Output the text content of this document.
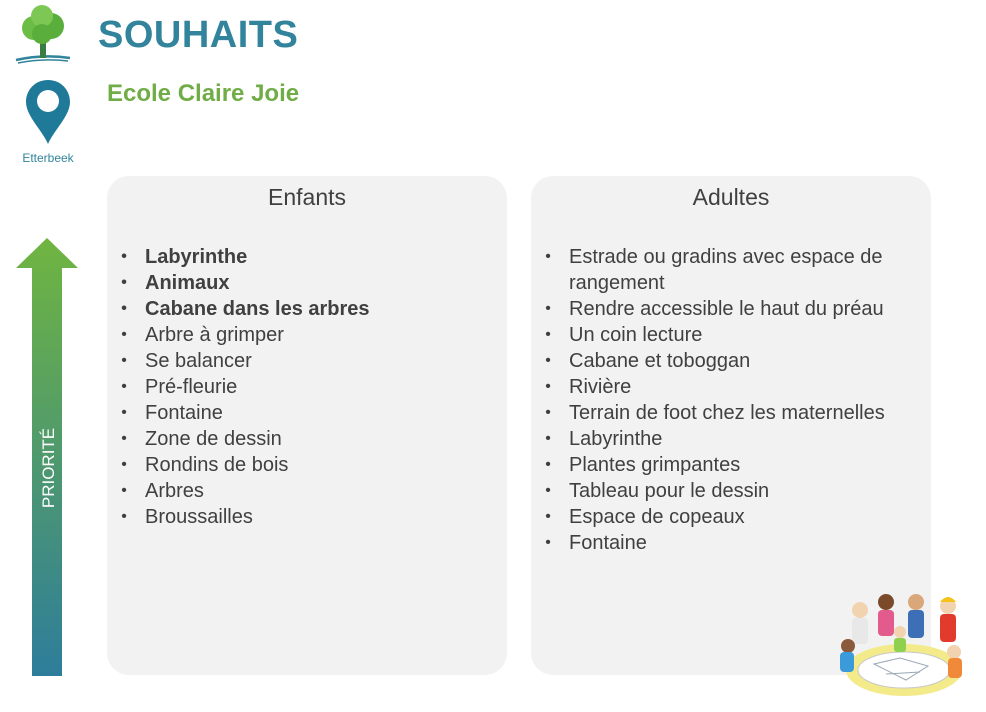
SOUHAITS
Ecole Claire Joie
Etterbeek
PRIORITÉ
Enfants
• Labyrinthe
• Animaux
• Cabane dans les arbres
• Arbre à grimper
• Se balancer
• Pré-fleurie
• Fontaine
• Zone de dessin
• Rondins de bois
• Arbres
• Broussailles
Adultes
• Estrade ou gradins avec espace de rangement
• Rendre accessible le haut du préau
• Un coin lecture
• Cabane et toboggan
• Rivière
• Terrain de foot chez les maternelles
• Labyrinthe
• Plantes grimpantes
• Tableau pour le dessin
• Espace de copeaux
• Fontaine
